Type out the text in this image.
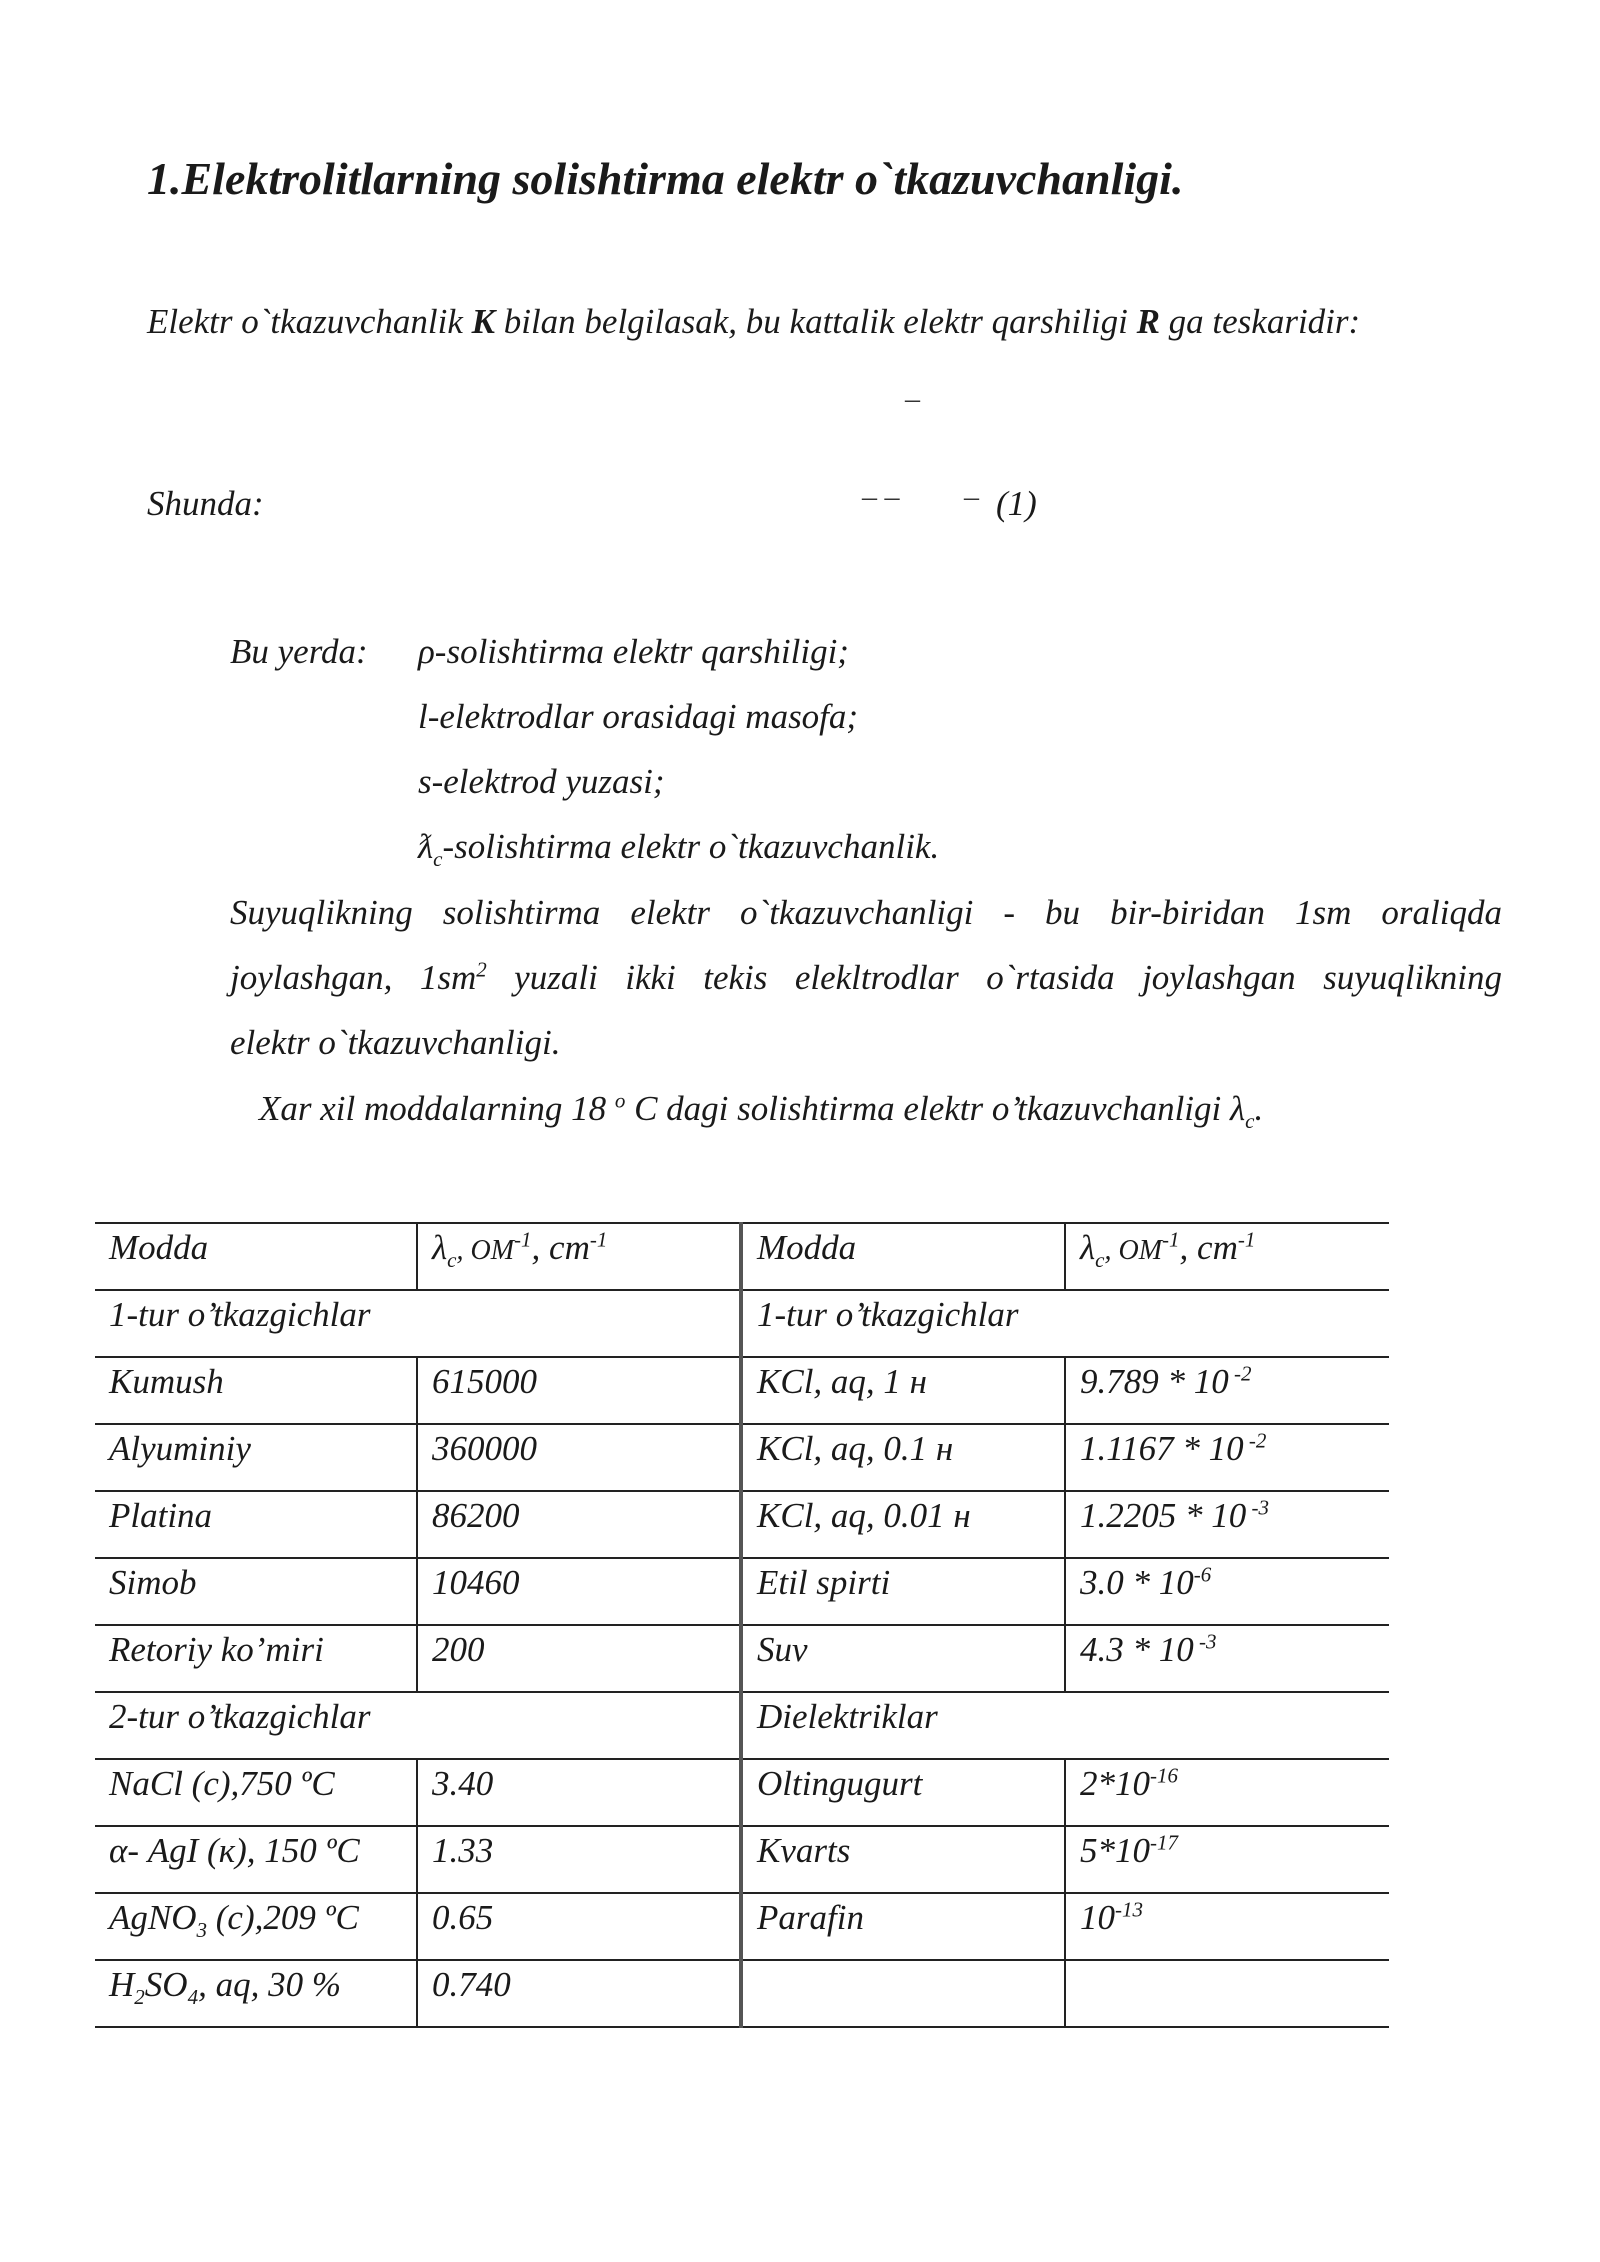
1.Elektrolitlarning solishtirma elektr o`tkazuvchanligi.
Elektr o`tkazuvchanlik K bilan belgilasak, bu kattalik elektr qarshiligi R ga teskaridir:
–
Shunda:	– – – (1)
Bu yerda: ρ-solishtirma elektr qarshiligi;
l-elektrodlar orasidagi masofa;
s-elektrod yuzasi;
$ƛ_c$-solishtirma elektr o`tkazuvchanlik.
Suyuqlikning solishtirma elektr o`tkazuvchanligi - bu bir-biridan 1sm oraliqda
joylashgan, $1sm^2$ yuzali ikki tekis elekltrodlar o`rtasida joylashgan suyuqlikning
elektr o`tkazuvchanligi.
Xar xil moddalarning 18 $^o$ C dagi solishtirma elektr o’tkazuvchanligi $\lambda_c$.
Modda	$\lambda_c$, $ОМ^{-1}$, $cm^{-1}$	Modda	$\lambda_c$, $ОМ^{-1}$, $cm^{-1}$
1-tur o’tkazgichlar		1-tur o’tkazgichlar	
Kumush	615000	KCl, aq, 1 н	9.789 * 10 $^{-2}$
Alyuminiy	360000	KCl, aq, 0.1 н	1.1167 * 10 $^{-2}$
Platina	86200	KCl, aq, 0.01 н	1.2205 * 10 $^{-3}$
Simob	10460	Etil spirti	$3.0 * 10^{-6}$
Retoriy ko’miri	200	Suv	4.3 * 10 $^{-3}$
2-tur o’tkazgichlar		Dielektriklar	
NaCl (с),750 ºC	3.40	Oltingugurt	$2*10^{-16}$
α- AgI (к), 150 ºC	1.33	Kvarts	$5*10^{-17}$
AgNO$_3$ (с),209 ºC	0.65	Parafin	$10^{-13}$
$H_2SO_4$, aq, 30 %	0.740		
